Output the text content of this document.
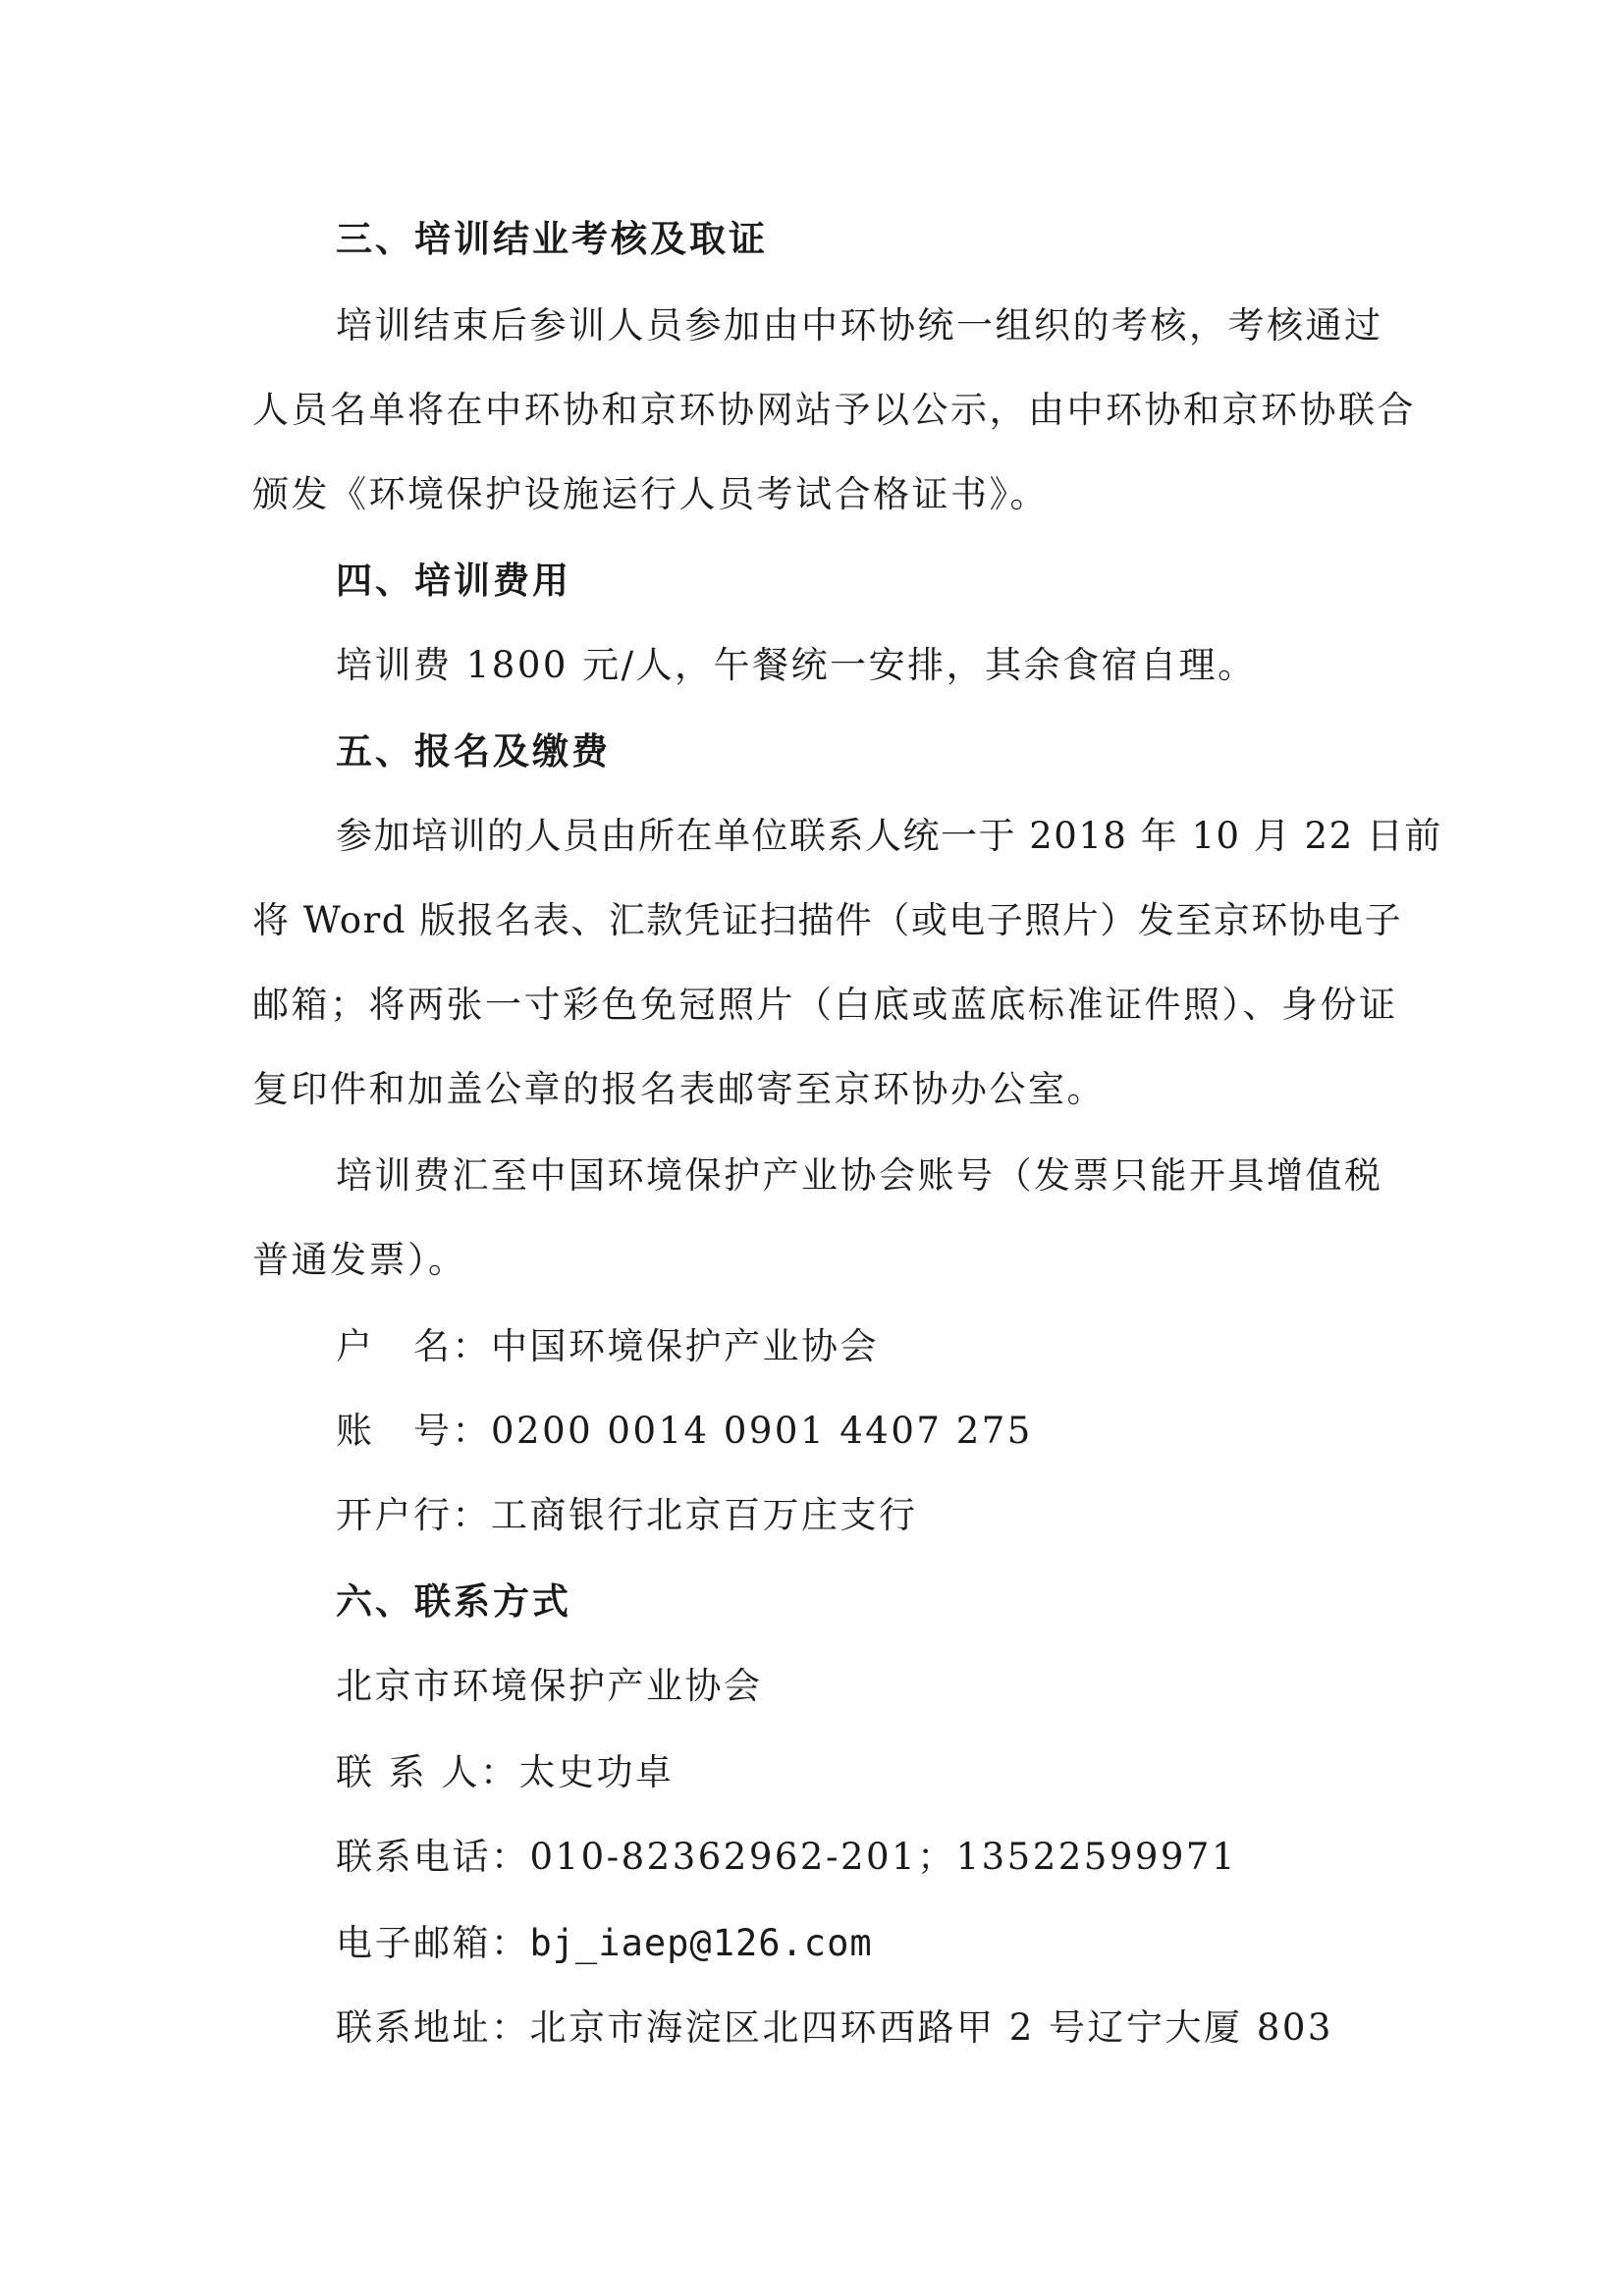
三、培训结业考核及取证

培训结束后参训人员参加由中环协统一组织的考核，考核通过

人员名单将在中环协和京环协网站予以公示，由中环协和京环协联合

颁发《环境保护设施运行人员考试合格证书》。

四、培训费用

培训费 1800 元/人，午餐统一安排，其余食宿自理。

五、报名及缴费

参加培训的人员由所在单位联系人统一于 2018 年 10 月 22 日前

将 Word 版报名表、汇款凭证扫描件（或电子照片）发至京环协电子

邮箱；将两张一寸彩色免冠照片（白底或蓝底标准证件照）、身份证

复印件和加盖公章的报名表邮寄至京环协办公室。

培训费汇至中国环境保护产业协会账号（发票只能开具增值税

普通发票）。

户　名：中国环境保护产业协会

账　号：0200 0014 0901 4407 275

开户行：工商银行北京百万庄支行

六、联系方式

北京市环境保护产业协会

联 系 人：太史功卓

联系电话：010-82362962-201；13522599971

电子邮箱：bj_iaep@126.com

联系地址：北京市海淀区北四环西路甲 2 号辽宁大厦 803
